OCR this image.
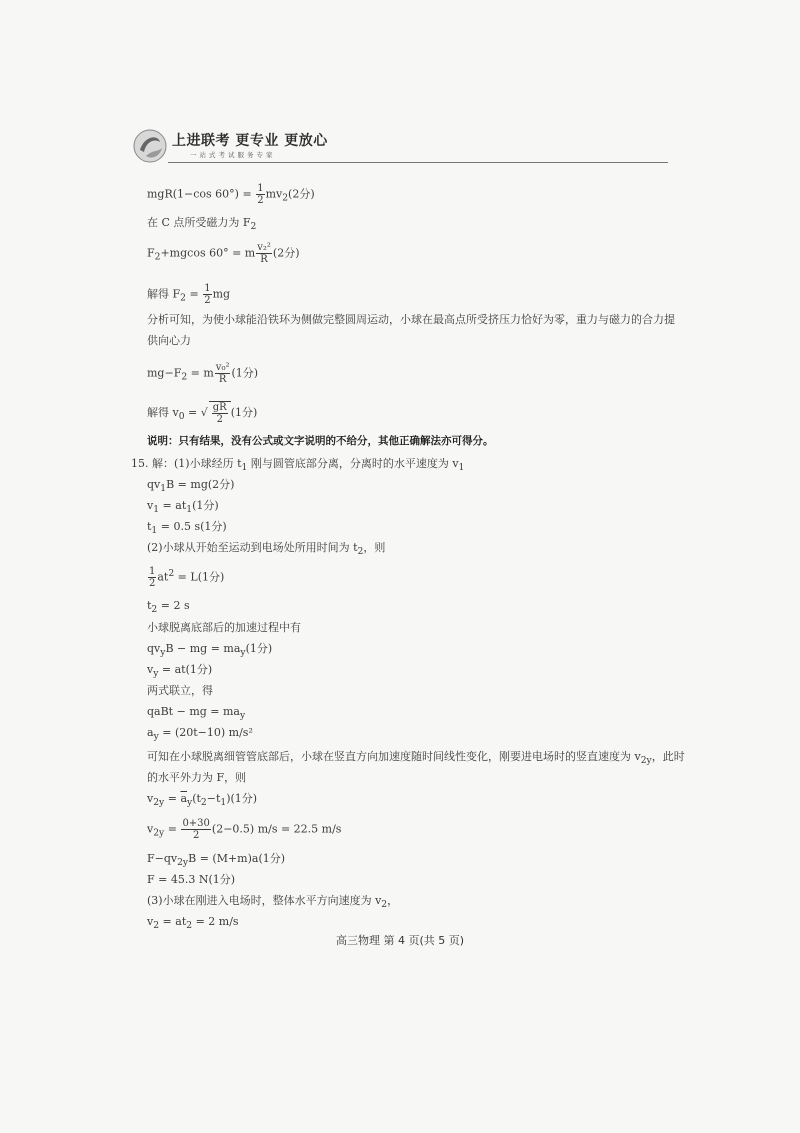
上进联考 更专业 更放心
一站式考试服务专家
mgR(1−cos $60^\circ) = \frac{1}{2} mv_2(2$分)
在 C 点所受磁力为 $F_2$
$F_2+mgcos$ 60° = m $\frac{\text{v₂²}}{R} (2$分)
解得 $F_2 = \frac{1}{2}$ mg
分析可知，为使小球能沿铁环为侧做完整圆周运动，小球在最高点所受挤压力恰好为零，重力与磁力的合力提
供向心力
$mg-F_2 = m \frac{\text{v₀²}}{R} (1$分)
解得 $v_0$ = √ $\frac{gR}{2} (1$分)
说明：只有结果，没有公式或文字说明的不给分，其他正确解法亦可得分。
15. 解：(1)小球经历 $t_1$ 刚与圆管底部分离，分离时的水平速度为 $v_1$
$qv_1B = mg(2$分)
$v_1 = at_1(1$分)
$t_1 = 0.5$ s(1分)
(2)小球从开始至运动到电场处所用时间为 $t_2$，则
$\frac{1}{2} at^2 = L(1$分)
$t_2 = 2$ s
小球脱离底部后的加速过程中有
$qv_yB$ − mg = $ma_y(1$分)
$v_y = at(1$分)
两式联立，得
qaBt − mg = $ma_y$
$a_y = (20t-10)$ m/s²
可知在小球脱离细管管底部后，小球在竖直方向加速度随时间线性变化，刚要进电场时的竖直速度为 $v_{2y}$，此时
的水平外力为 F，则
$v_{2y} = \overline{a}_y(t_2-t_1)(1$分)
$v_{2y} = \frac{0+30}{2} (2-0.5) m/s = 22.5$ m/s
$F-qv_{2y}B = (M+m)a(1$分)
F = 45.3 N(1分)
(3)小球在刚进入电场时，整体水平方向速度为 $v_2$，
$v_2 = at_2 = 2$ m/s
高三物理 第 4 页(共 5 页)
